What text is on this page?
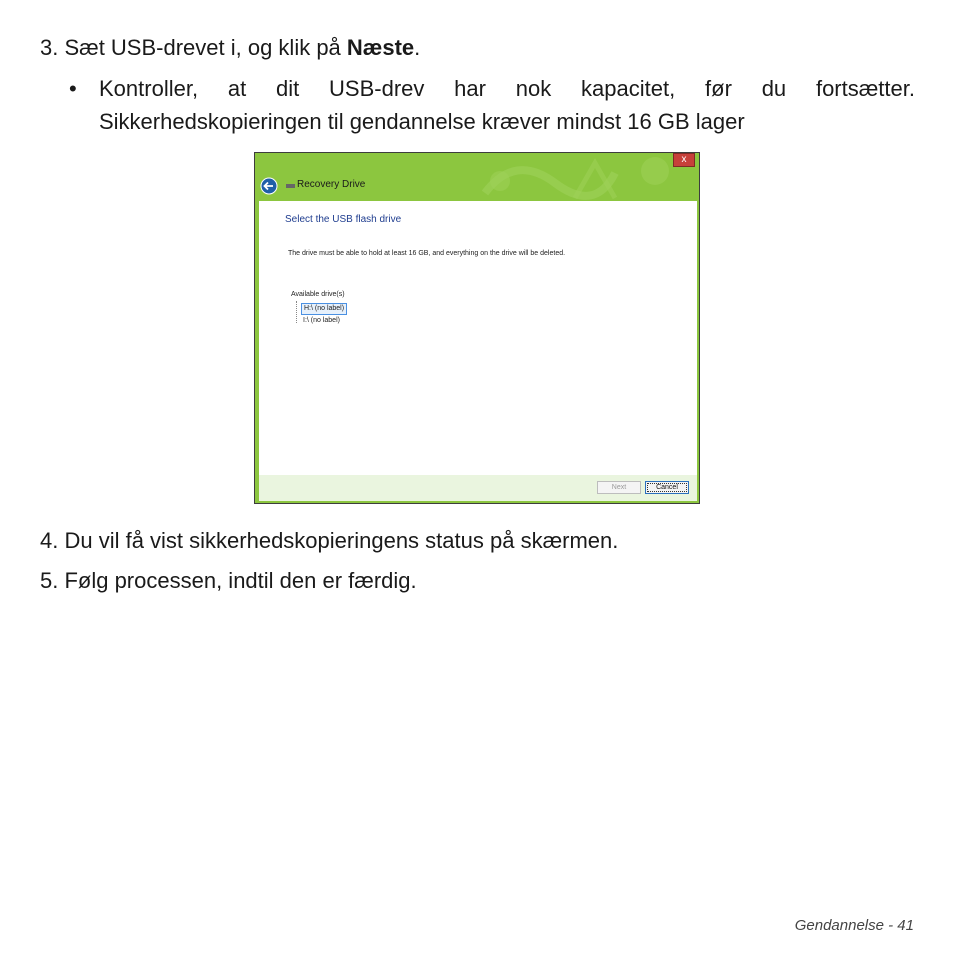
3. Sæt USB-drevet i, og klik på Næste.
• Kontroller, at dit USB-drev har nok kapacitet, før du fortsætter.
Sikkerhedskopieringen til gendannelse kræver mindst 16 GB lager
x
Recovery Drive
Select the USB flash drive
The drive must be able to hold at least 16 GB, and everything on the drive will be deleted.
Available drive(s)
H:\ (no label)
I:\ (no label)
Next	Cancel
4. Du vil få vist sikkerhedskopieringens status på skærmen.
5. Følg processen, indtil den er færdig.
Gendannelse - 41
